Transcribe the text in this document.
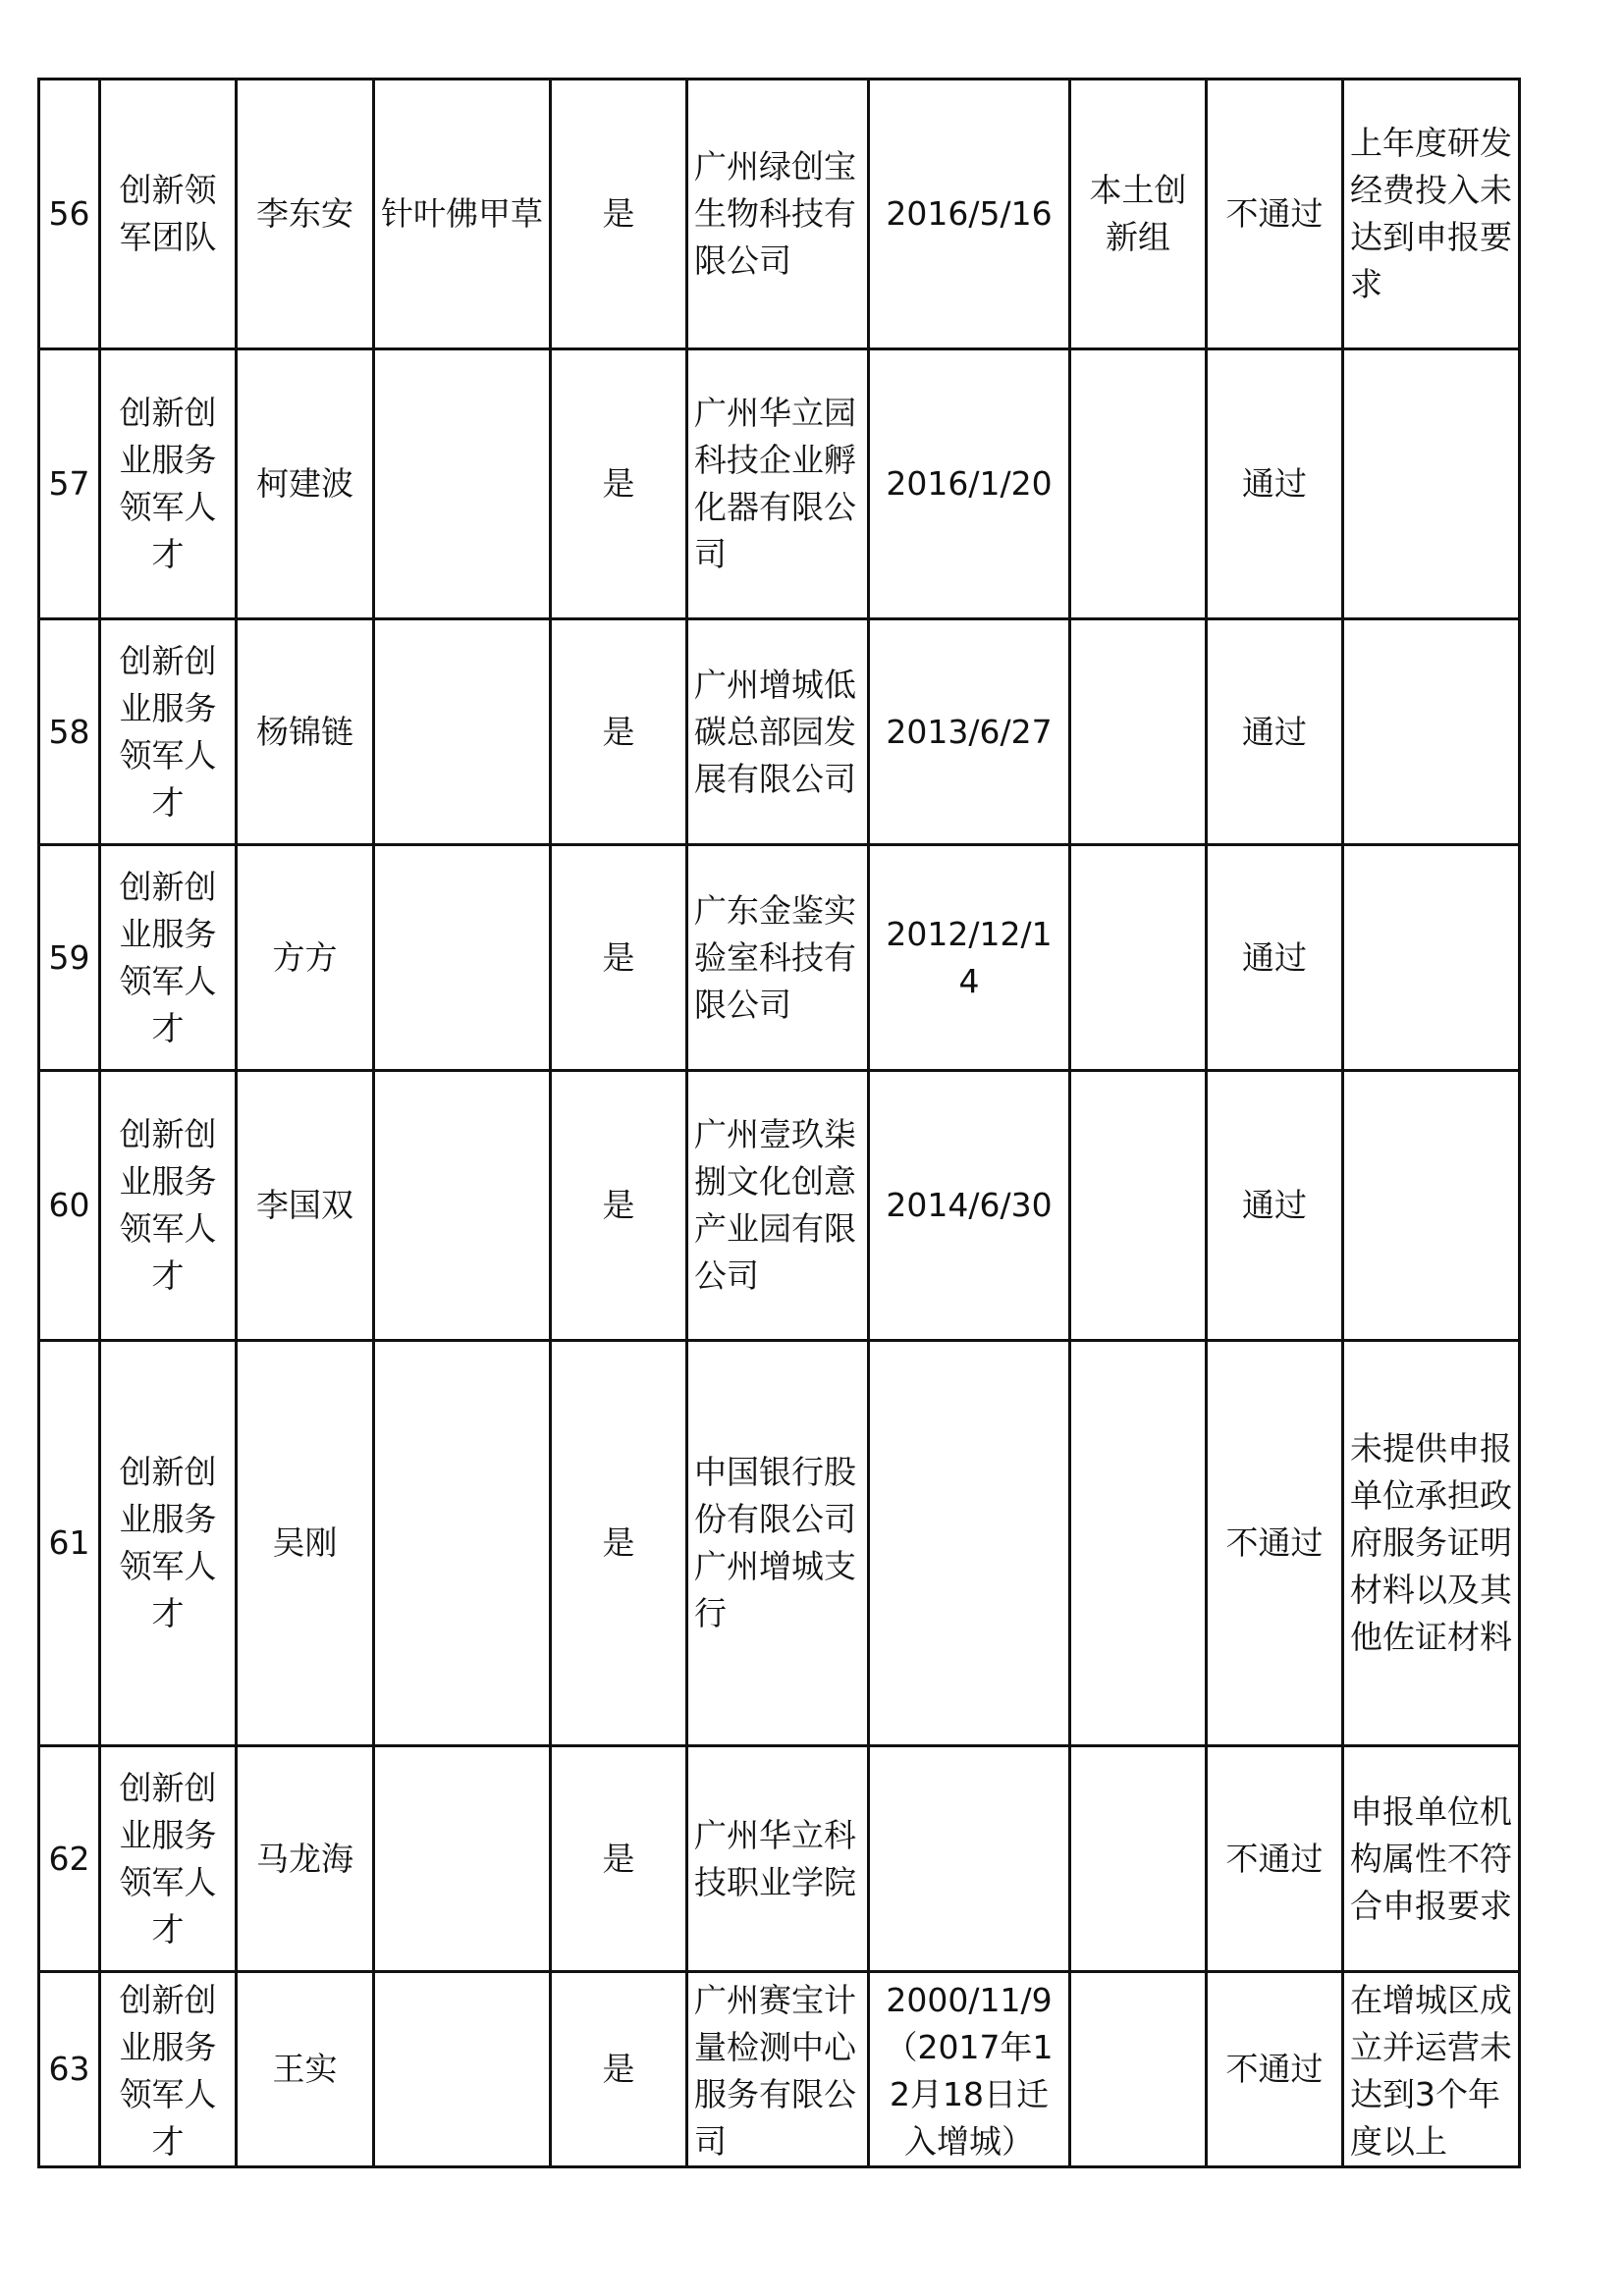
56	创新领军团队	李东安	针叶佛甲草	是	广州绿创宝生物科技有限公司	2016/5/16	本土创新组	不通过	上年度研发经费投入未达到申报要求
57	创新创业服务领军人才	柯建波		是	广州华立园科技企业孵化器有限公司	2016/1/20		通过	
58	创新创业服务领军人才	杨锦链		是	广州增城低碳总部园发展有限公司	2013/6/27		通过	
59	创新创业服务领军人才	方方		是	广东金鉴实验室科技有限公司	2012/12/14		通过	
60	创新创业服务领军人才	李国双		是	广州壹玖柒捌文化创意产业园有限公司	2014/6/30		通过	
61	创新创业服务领军人才	吴刚		是	中国银行股份有限公司广州增城支行			不通过	未提供申报单位承担政府服务证明材料以及其他佐证材料
62	创新创业服务领军人才	马龙海		是	广州华立科技职业学院			不通过	申报单位机构属性不符合申报要求
63	创新创业服务领军人才	王实		是	广州赛宝计量检测中心服务有限公司	2000/11/9（2017年12月18日迁入增城）		不通过	在增城区成立并运营未达到3个年度以上
